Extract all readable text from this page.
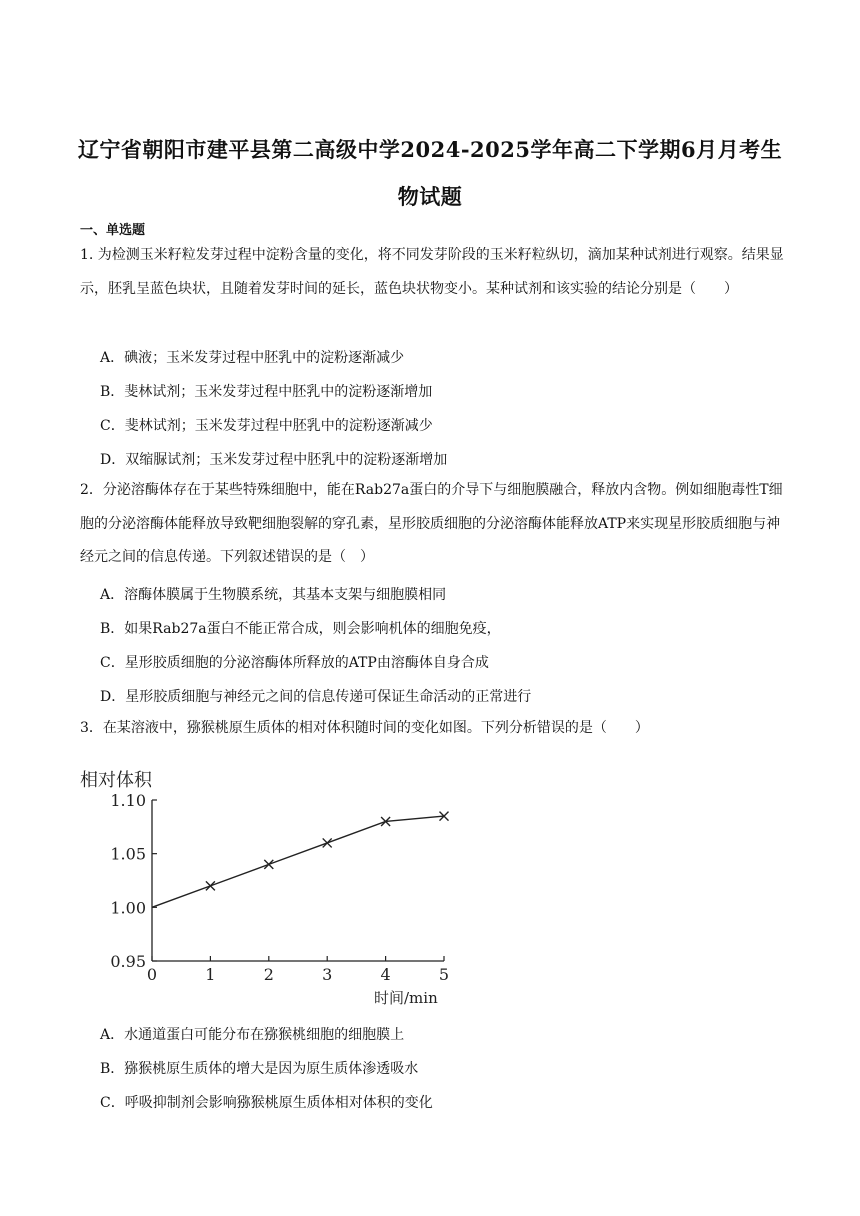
辽宁省朝阳市建平县第二高级中学2024-2025学年高二下学期6月月考生
物试题
一、单选题
1. 为检测玉米籽粒发芽过程中淀粉含量的变化，将不同发芽阶段的玉米籽粒纵切，滴加某种试剂进行观察。结果显示，胚乳呈蓝色块状，且随着发芽时间的延长，蓝色块状物变小。某种试剂和该实验的结论分别是（　　）
A．碘液；玉米发芽过程中胚乳中的淀粉逐渐减少
B．斐林试剂；玉米发芽过程中胚乳中的淀粉逐渐增加
C．斐林试剂；玉米发芽过程中胚乳中的淀粉逐渐减少
D．双缩脲试剂；玉米发芽过程中胚乳中的淀粉逐渐增加
2．分泌溶酶体存在于某些特殊细胞中，能在Rab27a蛋白的介导下与细胞膜融合，释放内含物。例如细胞毒性T细胞的分泌溶酶体能释放导致靶细胞裂解的穿孔素，星形胶质细胞的分泌溶酶体能释放ATP来实现星形胶质细胞与神经元之间的信息传递。下列叙述错误的是（　）
A．溶酶体膜属于生物膜系统，其基本支架与细胞膜相同
B．如果Rab27a蛋白不能正常合成，则会影响机体的细胞免疫，
C．星形胶质细胞的分泌溶酶体所释放的ATP由溶酶体自身合成
D．星形胶质细胞与神经元之间的信息传递可保证生命活动的正常进行
3．在某溶液中，猕猴桃原生质体的相对体积随时间的变化如图。下列分析错误的是（　　）
相对体积
时间/min
0	1	2	3	4	5
0.95
1.00
1.05
1.10
A．水通道蛋白可能分布在猕猴桃细胞的细胞膜上
B．猕猴桃原生质体的增大是因为原生质体渗透吸水
C．呼吸抑制剂会影响猕猴桃原生质体相对体积的变化
